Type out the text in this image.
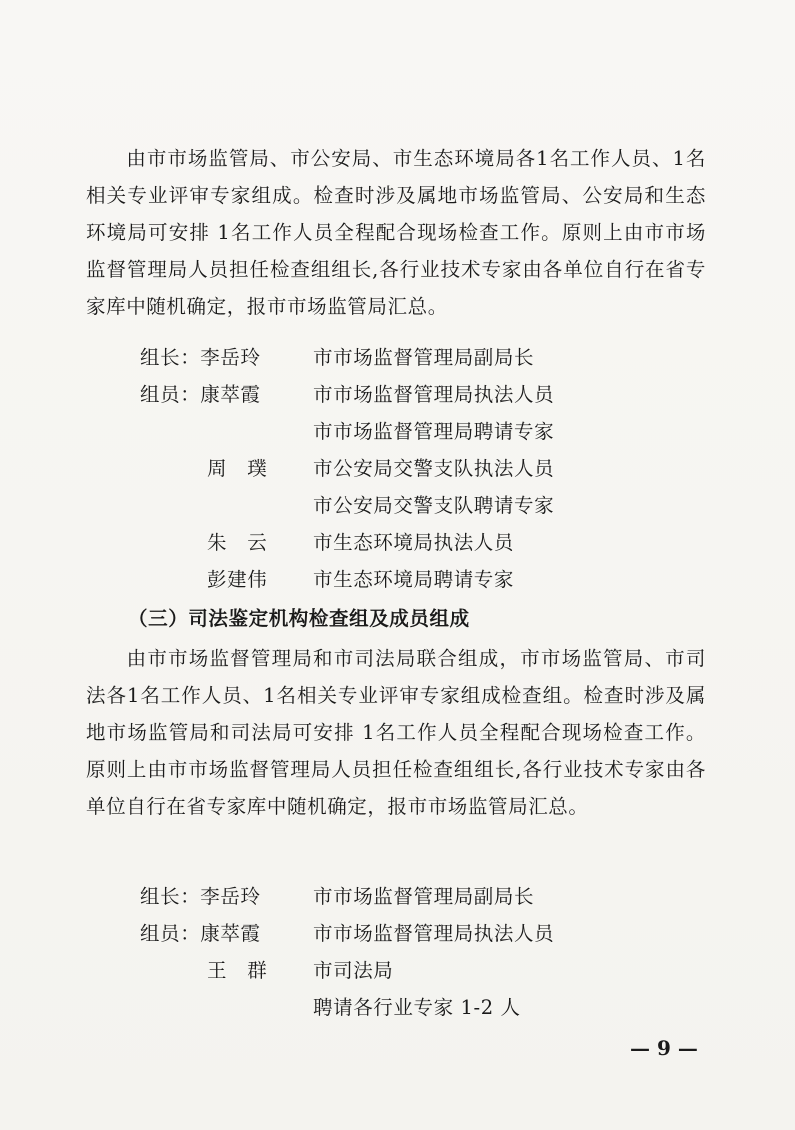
由市市场监管局、市公安局、市生态环境局各1名工作人员、1名相关专业评审专家组成。检查时涉及属地市场监管局、公安局和生态环境局可安排 1名工作人员全程配合现场检查工作。原则上由市市场监督管理局人员担任检查组组长,各行业技术专家由各单位自行在省专家库中随机确定，报市市场监管局汇总。
组长：李岳玲	市市场监督管理局副局长
组员：康萃霞	市市场监督管理局执法人员
市市场监督管理局聘请专家
周　璞 市公安局交警支队执法人员
市公安局交警支队聘请专家
朱　云 市生态环境局执法人员
彭建伟 市生态环境局聘请专家
（三）司法鉴定机构检查组及成员组成
由市市场监督管理局和市司法局联合组成，市市场监管局、市司法各1名工作人员、1名相关专业评审专家组成检查组。检查时涉及属地市场监管局和司法局可安排 1名工作人员全程配合现场检查工作。原则上由市市场监督管理局人员担任检查组组长,各行业技术专家由各单位自行在省专家库中随机确定，报市市场监管局汇总。
组长：李岳玲	市市场监督管理局副局长
组员：康萃霞	市市场监督管理局执法人员
王　群 市司法局
聘请各行业专家 1-2 人
— 9 —
